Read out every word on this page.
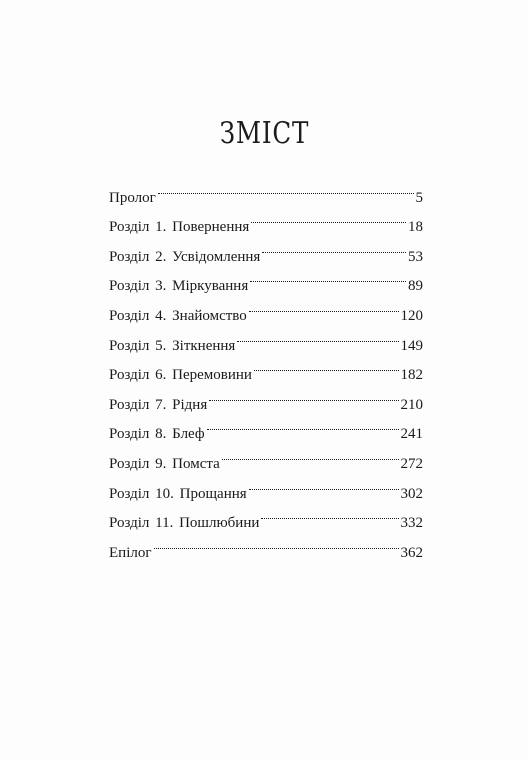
ЗМІСТ
Пролог	5
Розділ 1. Повернення	18
Розділ 2. Усвідомлення	53
Розділ 3. Міркування	89
Розділ 4. Знайомство	120
Розділ 5. Зіткнення	149
Розділ 6. Перемовини	182
Розділ 7. Рідня	210
Розділ 8. Блеф	241
Розділ 9. Помста	272
Розділ 10. Прощання	302
Розділ 11. Пошлюбини	332
Епілог	362
